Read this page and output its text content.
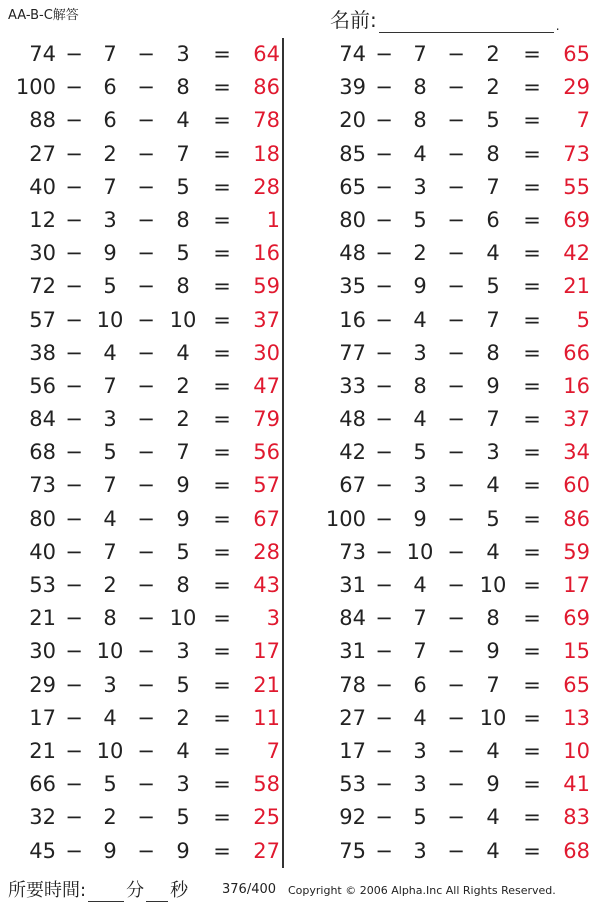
AA-B-C解答	名前:	.
74 − 7 −	3	=	64
100 − 6 −	8	=	86
88 − 6 −	4	=	78
27 − 2 −	7	=	18
40 − 7 −	5	=	28
12 − 3 −	8	=	1
30 − 9 −	5	=	16
72 − 5 −	8	=	59
57 − 10 − 10 =	37
38 − 4 −	4	=	30
56 − 7 −	2	=	47
84 − 3 −	2	=	79
68 − 5 −	7	=	56
73 − 7 −	9	=	57
80 − 4 −	9	=	67
40 − 7 −	5	=	28
53 − 2 −	8	=	43
21 − 8 − 10 =	3
30 − 10 −	3	=	17
29 − 3 −	5	=	21
17 − 4 −	2	=	11
21 − 10 −	4	=	7
66 − 5 −	3	=	58
32 − 2 −	5	=	25
45 − 9 −	9	=	27
74 − 7 −	2	=	65
39 − 8 −	2	=	29
20 − 8 −	5	=	7
85 − 4 −	8	=	73
65 − 3 −	7	=	55
80 − 5 −	6	=	69
48 − 2 −	4	=	42
35 − 9 −	5	=	21
16 − 4 −	7	=	5
77 − 3 −	8	=	66
33 − 8 −	9	=	16
48 − 4 −	7	=	37
42 − 5 −	3	=	34
67 − 3 −	4	=	60
100 − 9 −	5	=	86
73 − 10 −	4	=	59
31 − 4 − 10 =	17
84 − 7 −	8	=	69
31 − 7 −	9	=	15
78 − 6 −	7	=	65
27 − 4 − 10 =	13
17 − 3 −	4	=	10
53 − 3 −	9	=	41
92 − 5 −	4	=	83
75 − 3 −	4	=	68
所要時間: 分 秒	376/400 Copyright © 2006 Alpha.Inc All Rights Reserved.
